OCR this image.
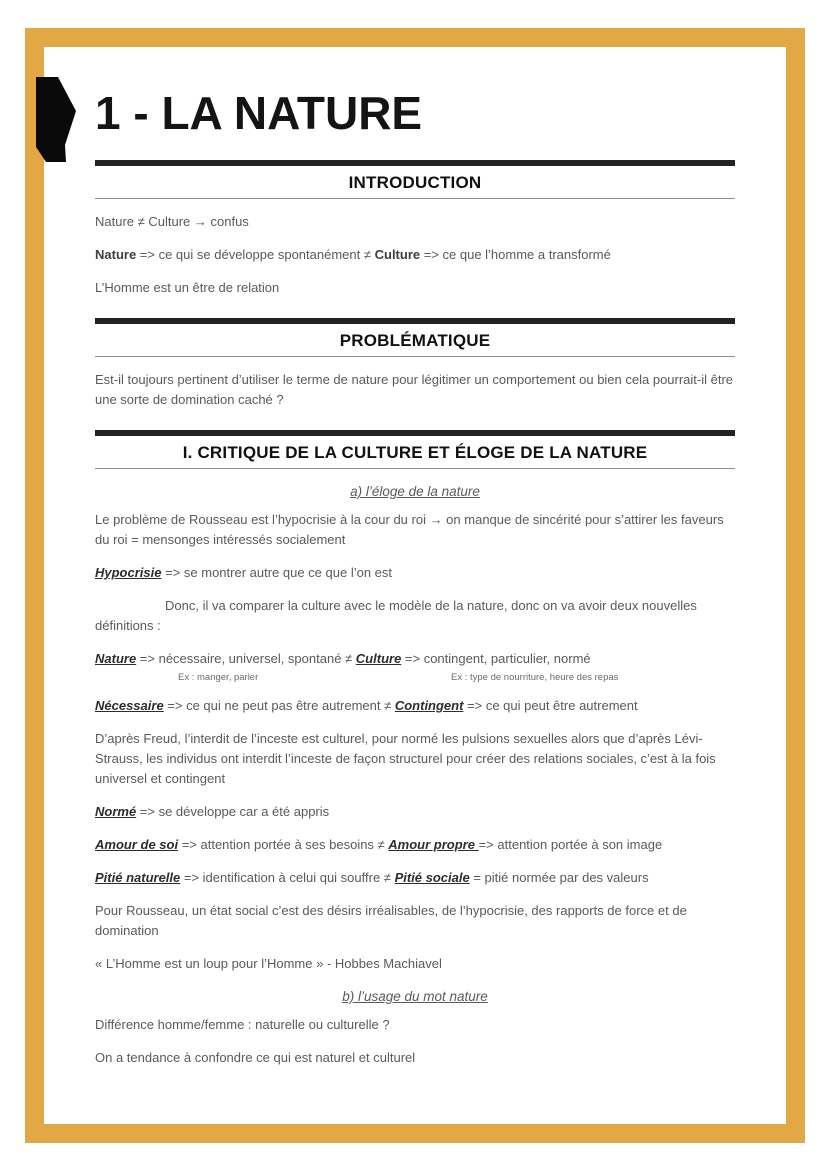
1 - LA NATURE
INTRODUCTION

Nature ≠ Culture → confus

Nature => ce qui se développe spontanément ≠ Culture => ce que l’homme a transformé

L’Homme est un être de relation

PROBLÉMATIQUE

Est-il toujours pertinent d’utiliser le terme de nature pour légitimer un comportement ou bien cela pourrait-il être une sorte de domination caché ?

I. CRITIQUE DE LA CULTURE ET ÉLOGE DE LA NATURE
a) l’éloge de la nature

Le problème de Rousseau est l’hypocrisie à la cour du roi → on manque de sincérité pour s’attirer les faveurs du roi = mensonges intéressés socialement

Hypocrisie => se montrer autre que ce que l’on est

Donc, il va comparer la culture avec le modèle de la nature, donc on va avoir deux nouvelles définitions :

Nature => nécessaire, universel, spontané ≠ Culture => contingent, particulier, normé

Ex : manger, parler	Ex : type de nourriture, heure des repas

Nécessaire => ce qui ne peut pas être autrement ≠ Contingent => ce qui peut être autrement

D’après Freud, l’interdit de l’inceste est culturel, pour normé les pulsions sexuelles alors que d’après Lévi-Strauss, les individus ont interdit l’inceste de façon structurel pour créer des relations sociales, c’est à la fois universel et contingent

Normé => se développe car a été appris

Amour de soi => attention portée à ses besoins ≠ Amour propre => attention portée à son image

Pitié naturelle => identification à celui qui souffre ≠ Pitié sociale = pitié normée par des valeurs

Pour Rousseau, un état social c’est des désirs irréalisables, de l’hypocrisie, des rapports de force et de domination

« L’Homme est un loup pour l’Homme » - Hobbes Machiavel

b) l’usage du mot nature

Différence homme/femme : naturelle ou culturelle ?

On a tendance à confondre ce qui est naturel et culturel
